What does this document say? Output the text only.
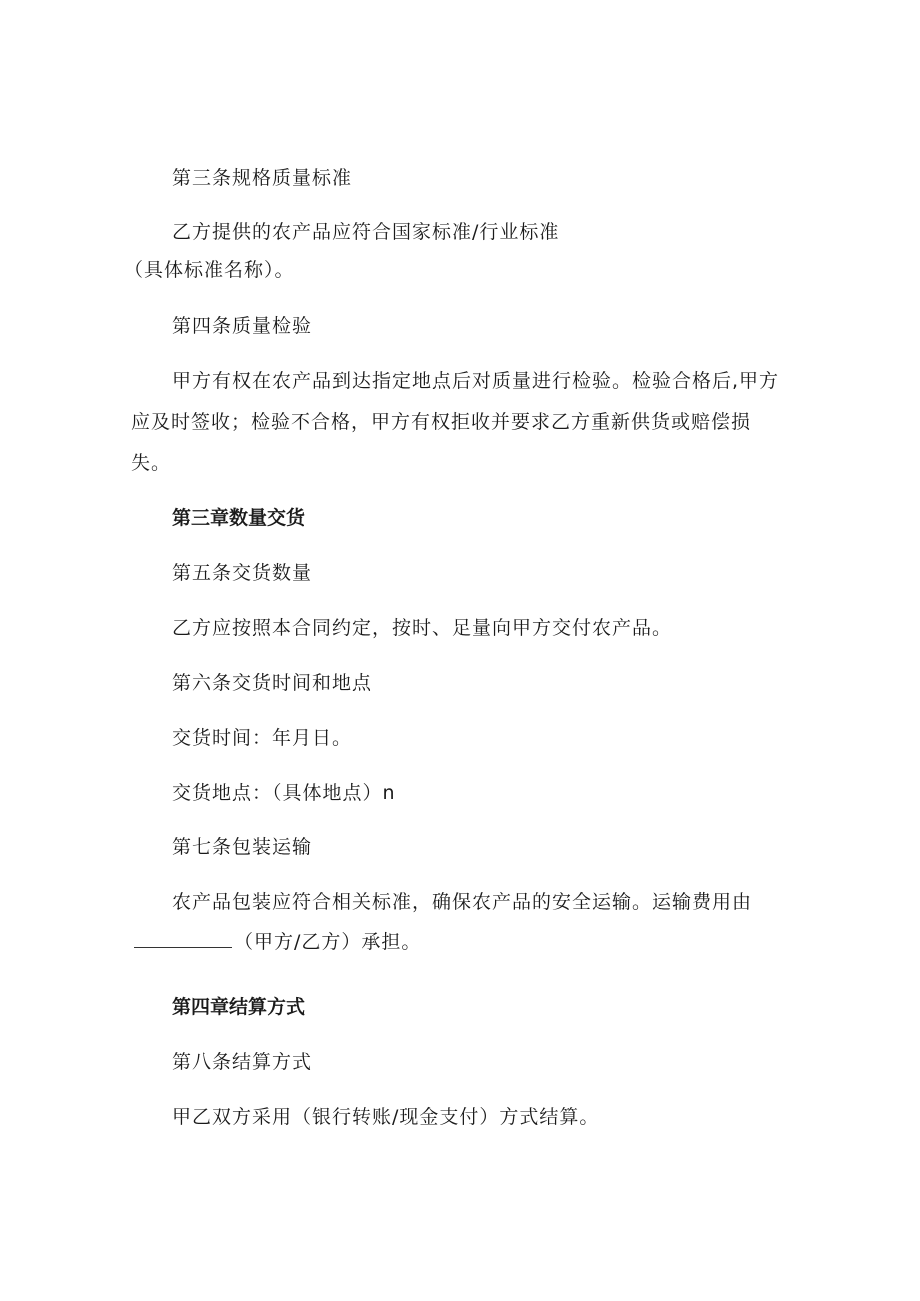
第三条规格质量标准
乙方提供的农产品应符合国家标准/行业标准
（具体标准名称）。
第四条质量检验
甲方有权在农产品到达指定地点后对质量进行检验。检验合格后,甲方
应及时签收；检验不合格，甲方有权拒收并要求乙方重新供货或赔偿损
失。
第三章数量交货
第五条交货数量
乙方应按照本合同约定，按时、足量向甲方交付农产品。
第六条交货时间和地点
交货时间：年月日。
交货地点：（具体地点）n
第七条包装运输
农产品包装应符合相关标准，确保农产品的安全运输。运输费用由
（甲方/乙方）承担。
第四章结算方式
第八条结算方式
甲乙双方采用（银行转账/现金支付）方式结算。
